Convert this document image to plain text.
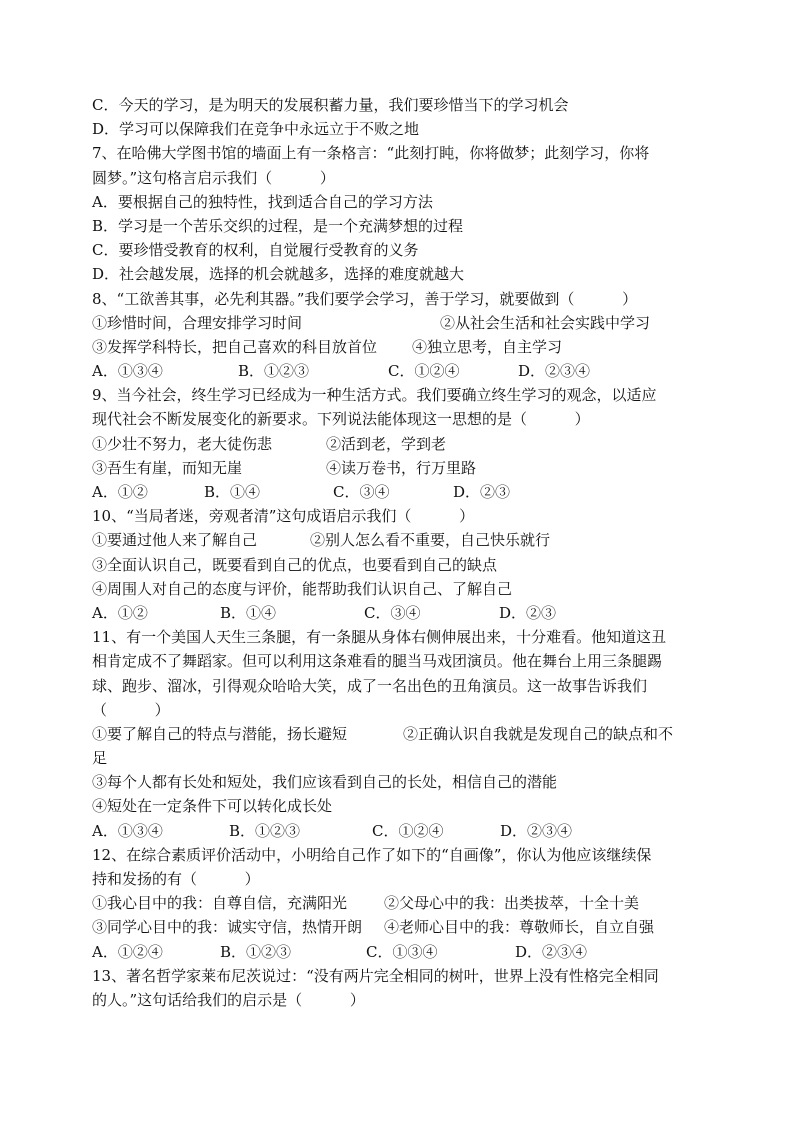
C．今天的学习，是为明天的发展积蓄力量，我们要珍惜当下的学习机会
D．学习可以保障我们在竞争中永远立于不败之地
7、在哈佛大学图书馆的墙面上有一条格言：“此刻打盹，你将做梦；此刻学习，你将
圆梦。”这句格言启示我们（          ）
A．要根据自己的独特性，找到适合自己的学习方法
B．学习是一个苦乐交织的过程，是一个充满梦想的过程
C．要珍惜受教育的权利，自觉履行受教育的义务
D．社会越发展，选择的机会就越多，选择的难度就越大
8、“工欲善其事，必先利其器。”我们要学会学习，善于学习，就要做到（          ）
①珍惜时间，合理安排学习时间	②从社会生活和社会实践中学习
③发挥学科特长，把自己喜欢的科目放首位	④独立思考，自主学习
A．①③④	B．①②③	C．①②④	D．②③④
9、当今社会，终生学习已经成为一种生活方式。我们要确立终生学习的观念，以适应
现代社会不断发展变化的新要求。下列说法能体现这一思想的是（          ）
①少壮不努力，老大徒伤悲	②活到老，学到老
③吾生有崖，而知无崖	④读万卷书，行万里路
A．①②	B．①④	C．③④	D．②③
10、“当局者迷，旁观者清”这句成语启示我们（          ）
①要通过他人来了解自己	②别人怎么看不重要，自己快乐就行
③全面认识自己，既要看到自己的优点，也要看到自己的缺点
④周围人对自己的态度与评价，能帮助我们认识自己、了解自己
A．①②	B．①④	C．③④	D．②③
11、有一个美国人天生三条腿，有一条腿从身体右侧伸展出来，十分难看。他知道这丑
相肯定成不了舞蹈家。但可以利用这条难看的腿当马戏团演员。他在舞台上用三条腿踢
球、跑步、溜冰，引得观众哈哈大笑，成了一名出色的丑角演员。这一故事告诉我们
（          ）
①要了解自己的特点与潜能，扬长避短	②正确认识自我就是发现自己的缺点和不
足
③每个人都有长处和短处，我们应该看到自己的长处，相信自己的潜能
④短处在一定条件下可以转化成长处
A．①③④	B．①②③	C．①②④	D．②③④
12、在综合素质评价活动中，小明给自己作了如下的“自画像”，你认为他应该继续保
持和发扬的有（          ）
①我心目中的我：自尊自信，充满阳光	②父母心中的我：出类拔萃，十全十美
③同学心目中的我：诚实守信，热情开朗	④老师心目中的我：尊敬师长，自立自强
A．①②④	B．①②③	C．①③④	D．②③④
13、著名哲学家莱布尼茨说过：“没有两片完全相同的树叶，世界上没有性格完全相同
的人。”这句话给我们的启示是（          ）
